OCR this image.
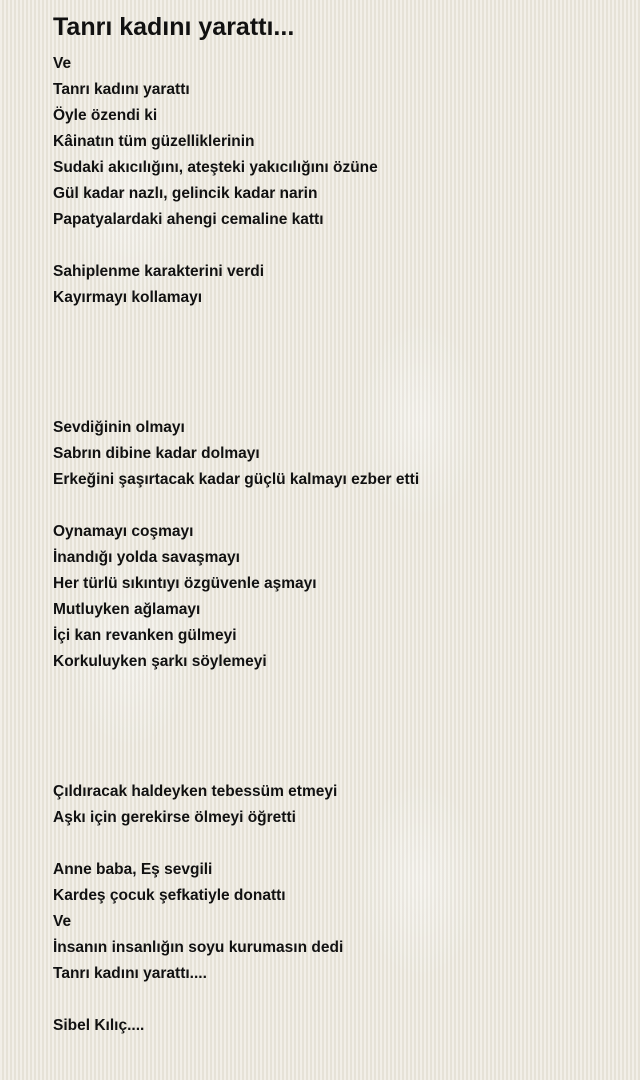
Tanrı kadını yarattı...
Ve
Tanrı kadını yarattı
Öyle özendi ki
Kâinatın tüm güzelliklerinin
Sudaki akıcılığını, ateşteki yakıcılığını özüne
Gül kadar nazlı, gelincik kadar narin
Papatyalardaki ahengi cemaline kattı
Sahiplenme karakterini verdi
Kayırmayı kollamayı
Sevdiğinin olmayı
Sabrın dibine kadar dolmayı
Erkeğini şaşırtacak kadar güçlü kalmayı ezber etti
Oynamayı coşmayı
İnandığı yolda savaşmayı
Her türlü sıkıntıyı özgüvenle aşmayı
Mutluyken ağlamayı
İçi kan revanken gülmeyi
Korkuluyken şarkı söylemeyi
Çıldıracak haldeyken tebessüm etmeyi
Aşkı için gerekirse ölmeyi öğretti
Anne baba, Eş sevgili
Kardeş çocuk şefkatiyle donattı
Ve
İnsanın insanlığın soyu kurumasın dedi
Tanrı kadını yarattı....
Sibel Kılıç....
